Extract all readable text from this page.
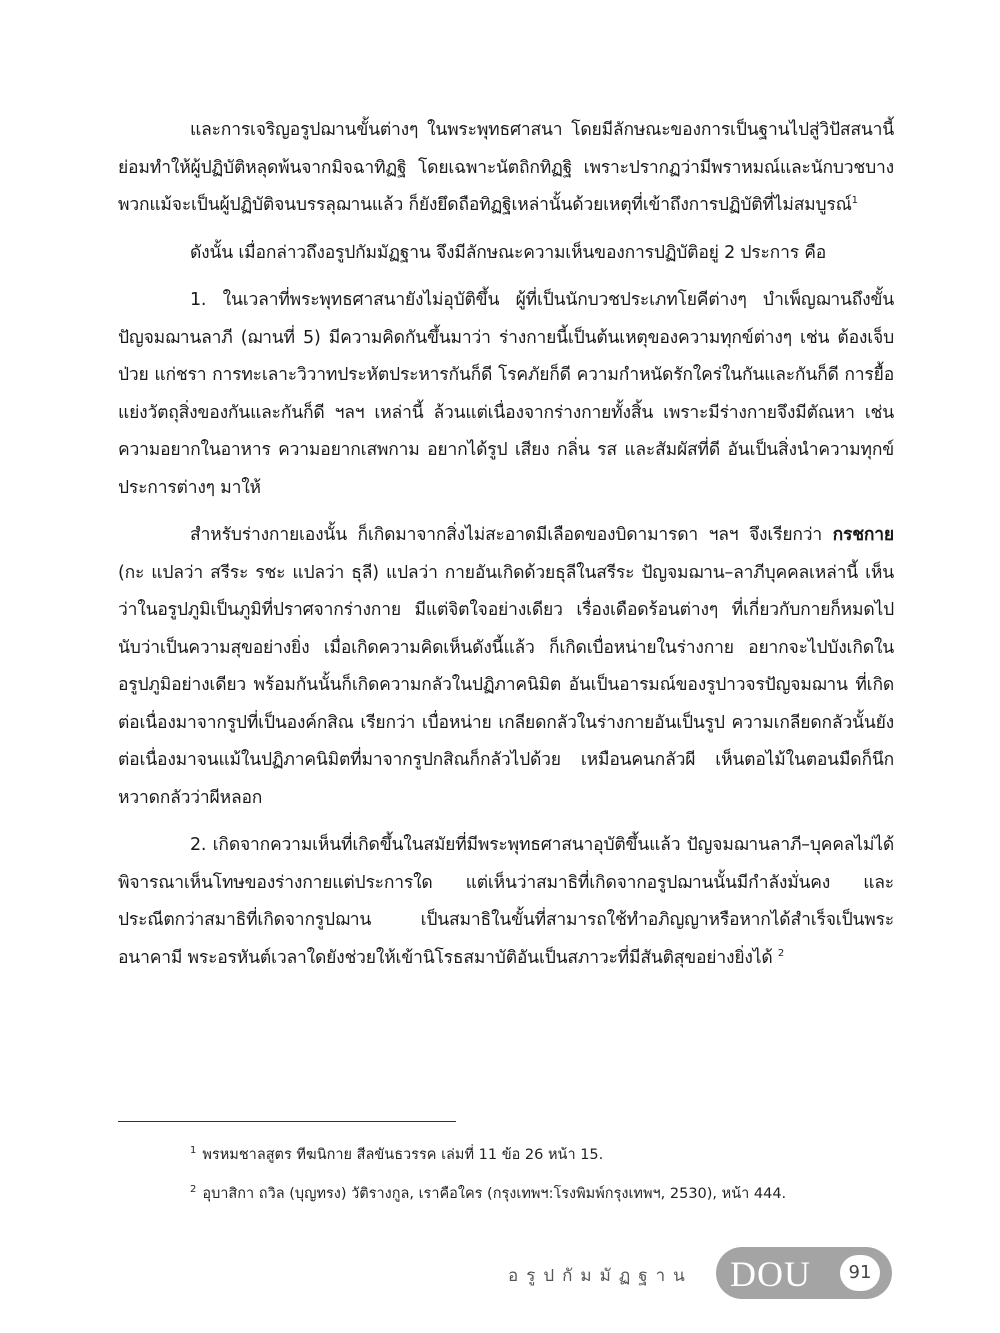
และการเจริญอรูปฌานขั้นต่างๆ ในพระพุทธศาสนา โดยมีลักษณะของการเป็นฐานไปสู่วิปัสสนานี้ ย่อมทำให้ผู้ปฏิบัติหลุดพ้นจากมิจฉาทิฏฐิ โดยเฉพาะนัตถิกทิฏฐิ เพราะปรากฏว่ามีพราหมณ์และนักบวชบางพวกแม้จะเป็นผู้ปฏิบัติจนบรรลุฌานแล้ว ก็ยังยึดถือทิฏฐิเหล่านั้นด้วยเหตุที่เข้าถึงการปฏิบัติที่ไม่สมบูรณ์$^1$

ดังนั้น เมื่อกล่าวถึงอรูปกัมมัฏฐาน จึงมีลักษณะความเห็นของการปฏิบัติอยู่ 2 ประการ คือ

1. ในเวลาที่พระพุทธศาสนายังไม่อุบัติขึ้น ผู้ที่เป็นนักบวชประเภทโยคีต่างๆ บำเพ็ญฌานถึงขั้นปัญจมฌานลาภี (ฌานที่ 5) มีความคิดกันขึ้นมาว่า ร่างกายนี้เป็นต้นเหตุของความทุกข์ต่างๆ เช่น ต้องเจ็บป่วย แก่ชรา การทะเลาะวิวาทประหัตประหารกันก็ดี โรคภัยก็ดี ความกำหนัดรักใคร่ในกันและกันก็ดี การยื้อแย่งวัตถุสิ่งของกันและกันก็ดี ฯลฯ เหล่านี้ ล้วนแต่เนื่องจากร่างกายทั้งสิ้น เพราะมีร่างกายจึงมีตัณหา เช่น ความอยากในอาหาร ความอยากเสพกาม อยากได้รูป เสียง กลิ่น รส และสัมผัสที่ดี อันเป็นสิ่งนำความทุกข์ประการต่างๆ มาให้

สำหรับร่างกายเองนั้น ก็เกิดมาจากสิ่งไม่สะอาดมีเลือดของบิดามารดา ฯลฯ จึงเรียกว่า กรชกาย (กะ แปลว่า สรีระ รชะ แปลว่า ธุลี) แปลว่า กายอันเกิดด้วยธุลีในสรีระ ปัญจมฌาน–ลาภีบุคคลเหล่านี้ เห็นว่าในอรูปภูมิเป็นภูมิที่ปราศจากร่างกาย มีแต่จิตใจอย่างเดียว เรื่องเดือดร้อนต่างๆ ที่เกี่ยวกับกายก็หมดไป นับว่าเป็นความสุขอย่างยิ่ง เมื่อเกิดความคิดเห็นดังนี้แล้ว ก็เกิดเบื่อหน่ายในร่างกาย อยากจะไปบังเกิดในอรูปภูมิอย่างเดียว พร้อมกันนั้นก็เกิดความกลัวในปฏิภาคนิมิต อันเป็นอารมณ์ของรูปาวจรปัญจมฌาน ที่เกิดต่อเนื่องมาจากรูปที่เป็นองค์กสิณ เรียกว่า เบื่อหน่าย เกลียดกลัวในร่างกายอันเป็นรูป ความเกลียดกลัวนั้นยังต่อเนื่องมาจนแม้ในปฏิภาคนิมิตที่มาจากรูปกสิณก็กลัวไปด้วย เหมือนคนกลัวผี เห็นตอไม้ในตอนมืดก็นึกหวาดกลัวว่าผีหลอก

2. เกิดจากความเห็นที่เกิดขึ้นในสมัยที่มีพระพุทธศาสนาอุบัติขึ้นแล้ว ปัญจมฌานลาภี–บุคคลไม่ได้พิจารณาเห็นโทษของร่างกายแต่ประการใด แต่เห็นว่าสมาธิที่เกิดจากอรูปฌานนั้นมีกำลังมั่นคง และประณีตกว่าสมาธิที่เกิดจากรูปฌาน เป็นสมาธิในขั้นที่สามารถใช้ทำอภิญญาหรือหากได้สำเร็จเป็นพระอนาคามี พระอรหันต์เวลาใดยังช่วยให้เข้านิโรธสมาบัติอันเป็นสภาวะที่มีสันติสุขอย่างยิ่งได้ $^2$

$^1$ พรหมชาลสูตร ทีฆนิกาย สีลขันธวรรค เล่มที่ 11 ข้อ 26 หน้า 15.
$^2$ อุบาสิกา ถวิล (บุญทรง) วัติรางกูล, เราคือใคร (กรุงเทพฯ:โรงพิมพ์กรุงเทพฯ, 2530), หน้า 444.
อรูปกัมมัฏฐาน DOU	91
